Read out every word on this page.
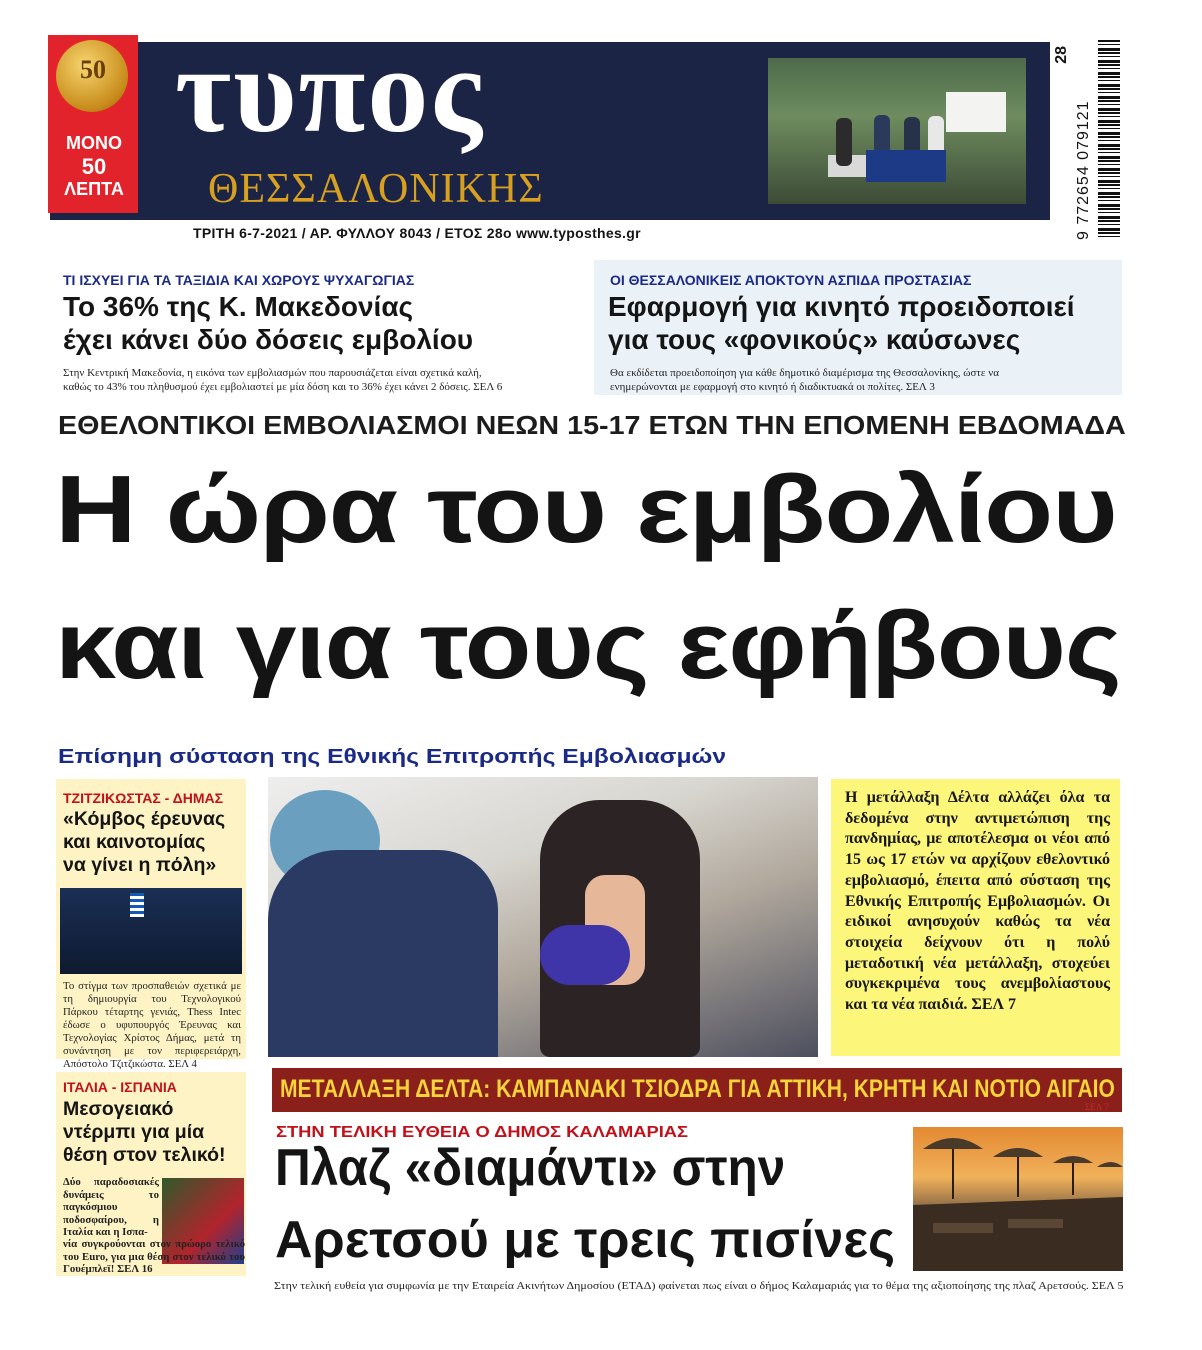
50
ΜΟΝΟ
50
ΛΕΠΤΑ
τυπος
ΘΕΣΣΑΛΟΝΙΚΗΣ
28
9 772654 079121
ΤΡΙΤΗ 6-7-2021 / ΑΡ. ΦΥΛΛΟΥ 8043 / ΕΤΟΣ 28ο www.typosthes.gr
ΤΙ ΙΣΧΥΕΙ ΓΙΑ ΤΑ ΤΑΞΙΔΙΑ ΚΑΙ ΧΩΡΟΥΣ ΨΥΧΑΓΩΓΙΑΣ
Το 36% της Κ. Μακεδονίας
έχει κάνει δύο δόσεις εμβολίου
Στην Κεντρική Μακεδονία, η εικόνα των εμβολιασμών που παρουσιάζεται είναι σχετικά καλή,
καθώς το 43% του πληθυσμού έχει εμβολιαστεί με μία δόση και το 36% έχει κάνει 2 δόσεις. ΣΕΛ 6
ΟΙ ΘΕΣΣΑΛΟΝΙΚΕΙΣ ΑΠΟΚΤΟΥΝ ΑΣΠΙΔΑ ΠΡΟΣΤΑΣΙΑΣ
Εφαρμογή για κινητό προειδοποιεί
για τους «φονικούς» καύσωνες
Θα εκδίδεται προειδοποίηση για κάθε δημοτικό διαμέρισμα της Θεσσαλονίκης, ώστε να
ενημερώνονται με εφαρμογή στο κινητό ή διαδικτυακά οι πολίτες. ΣΕΛ 3
ΕΘΕΛΟΝΤΙΚΟΙ ΕΜΒΟΛΙΑΣΜΟΙ ΝΕΩΝ 15-17 ΕΤΩΝ ΤΗΝ ΕΠΟΜΕΝΗ ΕΒΔΟΜΑΔΑ
Η ώρα του εμβολίου
και για τους εφήβους
Επίσημη σύσταση της Εθνικής Επιτροπής Εμβολιασμών
ΤΖΙΤΖΙΚΩΣΤΑΣ - ΔΗΜΑΣ
«Κόμβος έρευνας
και καινοτομίας
να γίνει η πόλη»
Το στίγμα των προσπαθειών σχετικά με τη δημιουργία του Τεχνολογικού Πάρκου τέταρτης γενιάς, Thess Intec έδωσε ο υφυπουργός Έρευνας και Τεχνολογίας Χρίστος Δήμας, μετά τη συνάντηση με τον περιφερειάρχη, Απόστολο Τζιτζικώστα. ΣΕΛ 4
ΙΤΑΛΙΑ - ΙΣΠΑΝΙΑ
Μεσογειακό
ντέρμπι για μία
θέση στον τελικό!
Δύο παραδοσιακές δυνάμεις το παγκόσμιου ποδοσφαίρου, η Ιταλία και η Ισπα-
νία συγκρούονται στον πρώορο τελικό του Euro, για μια θέση στον τελικό του Γουέμπλεϊ! ΣΕΛ 16
Η μετάλλαξη Δέλτα αλλάζει όλα τα δεδομένα στην αντιμετώπιση της πανδημίας, με αποτέλεσμα οι νέοι από 15 ως 17 ετών να αρχίζουν εθελοντικό εμβολιασμό, έπειτα από σύσταση της Εθνικής Επιτροπής Εμβολιασμών. Οι ειδικοί ανησυχούν καθώς τα νέα στοιχεία δείχνουν ότι η πολύ μεταδοτική νέα μετάλλαξη, στοχεύει συγκεκριμένα τους ανεμβολίαστους και τα νέα παιδιά. ΣΕΛ 7
ΜΕΤΑΛΛΑΞΗ ΔΕΛΤΑ: ΚΑΜΠΑΝΑΚΙ ΤΣΙΟΔΡΑ ΓΙΑ ΑΤΤΙΚΗ, ΚΡΗΤΗ ΚΑΙ ΝΟΤΙΟ ΑΙΓΑΙΟ
ΣΕΛ 7
ΣΤΗΝ ΤΕΛΙΚΗ ΕΥΘΕΙΑ Ο ΔΗΜΟΣ ΚΑΛΑΜΑΡΙΑΣ
Πλαζ «διαμάντι» στην
Αρετσού με τρεις πισίνες
Στην τελική ευθεία για συμφωνία με την Εταιρεία Ακινήτων Δημοσίου (ΕΤΑΔ) φαίνεται πως είναι ο δήμος Καλαμαριάς για το θέμα της αξιοποίησης της πλαζ Αρετσούς. ΣΕΛ 5
